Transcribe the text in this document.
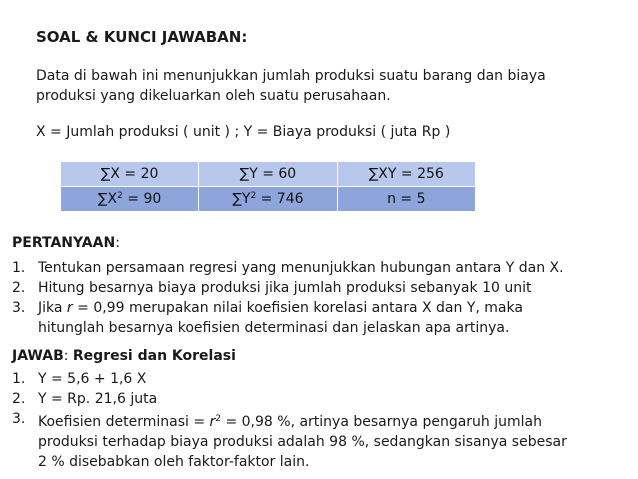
SOAL & KUNCI JAWABAN:
Data di bawah ini menunjukkan jumlah produksi suatu barang dan biaya
produksi yang dikeluarkan oleh suatu perusahaan.
X = Jumlah produksi ( unit ) ; Y = Biaya produksi ( juta Rp )
∑X = 20	∑Y = 60	∑XY = 256
$\sum X^2 = 90$	$\sum Y^2 = 746$	n = 5
PERTANYAAN:
1. Tentukan persamaan regresi yang menunjukkan hubungan antara Y dan X.
2. Hitung besarnya biaya produksi jika jumlah produksi sebanyak 10 unit
3. Jika r = 0,99 merupakan nilai koefisien korelasi antara X dan Y, maka
hitunglah besarnya koefisien determinasi dan jelaskan apa artinya.
JAWAB: Regresi dan Korelasi
1. Y = 5,6 + 1,6 X
2. Y = Rp. 21,6 juta
3. Koefisien determinasi = $r^2 = 0,98$ %, artinya besarnya pengaruh jumlah
produksi terhadap biaya produksi adalah 98 %, sedangkan sisanya sebesar
2 % disebabkan oleh faktor-faktor lain.
